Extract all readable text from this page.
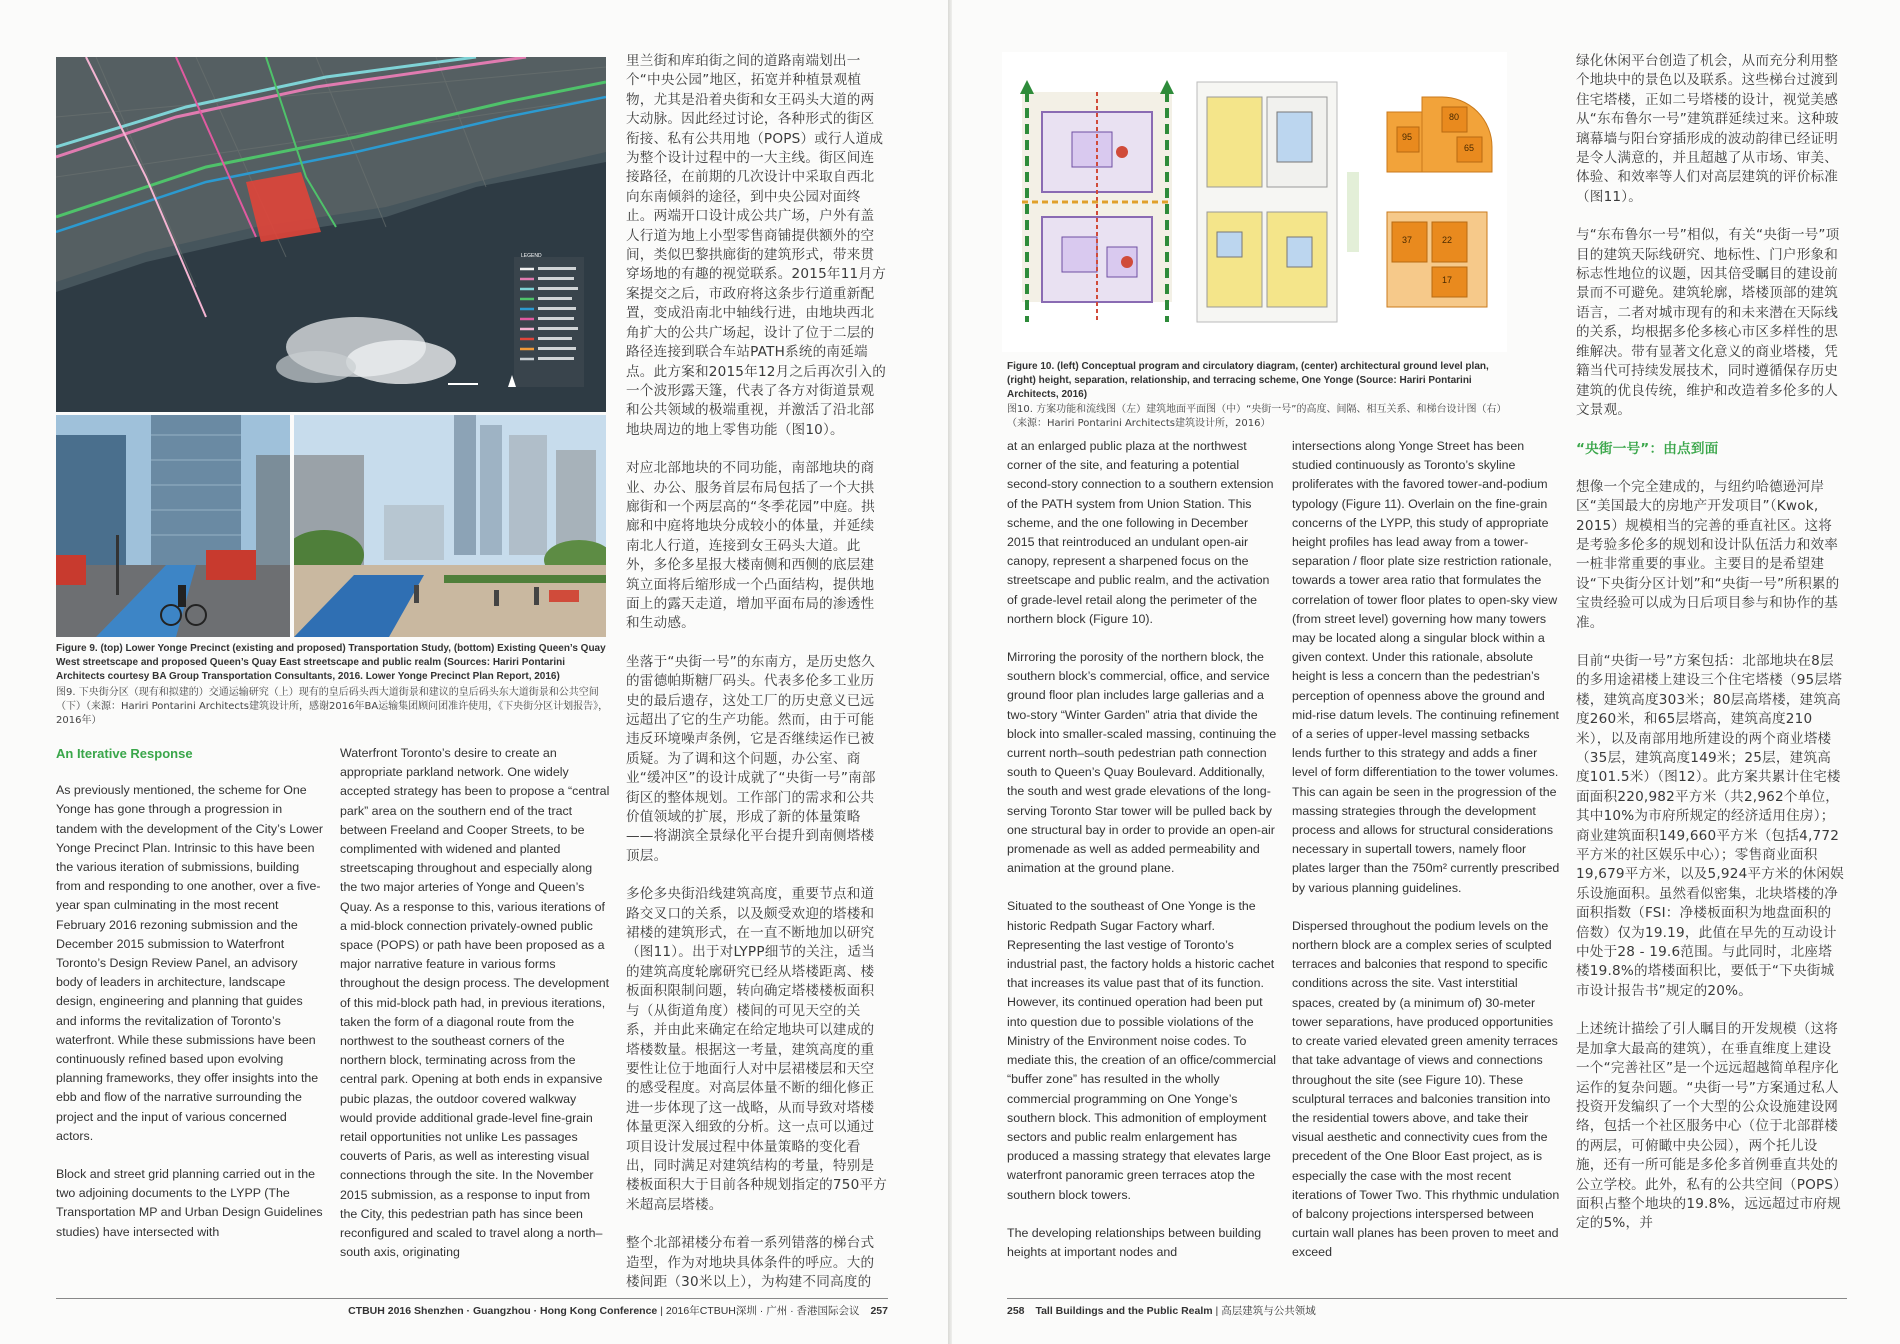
LEGEND
Figure 9. (top) Lower Yonge Precinct (existing and proposed) Transportation Study, (bottom) Existing Queen’s Quay West streetscape and proposed Queen’s Quay East streetscape and public realm (Sources: Hariri Pontarini Architects courtesy BA Group Transportation Consultants, 2016. Lower Yonge Precinct Plan Report, 2016)
图9. 下央街分区（现有和拟建的）交通运输研究（上）现有的皇后码头西大道街景和建议的皇后码头东大道街景和公共空间（下）（来源：Hariri Pontarini Architects建筑设计所，感谢2016年BA运输集团顾问团准许使用，《下央街分区计划报告》，2016年）
An Iterative Response

As previously mentioned, the scheme for One Yonge has gone through a progression in tandem with the development of the City’s Lower Yonge Precinct Plan. Intrinsic to this have been the various iteration of submissions, building from and responding to one another, over a five-year span culminating in the most recent February 2016 rezoning submission and the December 2015 submission to Waterfront Toronto’s Design Review Panel, an advisory body of leaders in architecture, landscape design, engineering and planning that guides and informs the revitalization of Toronto’s waterfront. While these submissions have been continuously refined based upon evolving planning frameworks, they offer insights into the ebb and flow of the narrative surrounding the project and the input of various concerned actors.

Block and street grid planning carried out in the two adjoining documents to the LYPP (The Transportation MP and Urban Design Guidelines studies) have intersected with

Waterfront Toronto’s desire to create an appropriate parkland network. One widely accepted strategy has been to propose a “central park” area on the southern end of the tract between Freeland and Cooper Streets, to be complimented with widened and planted streetscaping throughout and especially along the two major arteries of Yonge and Queen’s Quay. As a response to this, various iterations of a mid-block connection privately-owned public space (POPS) or path have been proposed as a major narrative feature in various forms throughout the design process. The development of this mid-block path had, in previous iterations, taken the form of a diagonal route from the northwest to the southeast corners of the northern block, terminating across from the central park. Opening at both ends in expansive pubic plazas, the outdoor covered walkway would provide additional grade-level fine-grain retail opportunities not unlike Les passages couverts of Paris, as well as interesting visual connections through the site. In the November 2015 submission, as a response to input from the City, this pedestrian path has since been reconfigured and scaled to travel along a north–south axis, originating

里兰街和库珀街之间的道路南端划出一个“中央公园”地区，拓宽并种植景观植物，尤其是沿着央街和女王码头大道的两大动脉。因此经过讨论，各种形式的街区衔接、私有公共用地（POPS）或行人道成为整个设计过程中的一大主线。街区间连接路径，在前期的几次设计中采取自西北向东南倾斜的途径，到中央公园对面终止。两端开口设计成公共广场，户外有盖人行道为地上小型零售商铺提供额外的空间，类似巴黎拱廊街的建筑形式，带来贯穿场地的有趣的视觉联系。2015年11月方案提交之后，市政府将这条步行道重新配置，变成沿南北中轴线行进，由地块西北角扩大的公共广场起，设计了位于二层的路径连接到联合车站PATH系统的南延端点。此方案和2015年12月之后再次引入的一个波形露天篷，代表了各方对街道景观和公共领域的极端重视，并激活了沿北部地块周边的地上零售功能（图10）。

对应北部地块的不同功能，南部地块的商业、办公、服务首层布局包括了一个大拱廊街和一个两层高的“冬季花园”中庭。拱廊和中庭将地块分成较小的体量，并延续南北人行道，连接到女王码头大道。此外，多伦多星报大楼南侧和西侧的底层建筑立面将后缩形成一个凸面结构，提供地面上的露天走道，增加平面布局的渗透性和生动感。

坐落于“央街一号”的东南方，是历史悠久的雷德帕斯糖厂码头。代表多伦多工业历史的最后遗存，这处工厂的历史意义已远远超出了它的生产功能。然而，由于可能违反环境噪声条例，它是否继续运作已被质疑。为了调和这个问题，办公室、商业“缓冲区”的设计成就了“央街一号”南部街区的整体规划。工作部门的需求和公共价值领域的扩展，形成了新的体量策略——将湖滨全景绿化平台提升到南侧塔楼顶层。

多伦多央街沿线建筑高度，重要节点和道路交叉口的关系，以及颇受欢迎的塔楼和裙楼的建筑形式，在一直不断地加以研究（图11）。出于对LYPP细节的关注，适当的建筑高度轮廓研究已经从塔楼距离、楼板面积限制问题，转向确定塔楼楼板面积与（从街道角度）楼间的可见天空的关系，并由此来确定在给定地块可以建成的塔楼数量。根据这一考量，建筑高度的重要性让位于地面行人对中层裙楼层和天空的感受程度。对高层体量不断的细化修正进一步体现了这一战略，从而导致对塔楼体量更深入细致的分析。这一点可以通过项目设计发展过程中体量策略的变化看出，同时满足对建筑结构的考量，特别是楼板面积大于目前各种规划指定的750平方米超高层塔楼。

整个北部裙楼分布着一系列错落的梯台式造型，作为对地块具体条件的呼应。大的楼间距（30米以上），为构建不同高度的

CTBUH 2016 Shenzhen · Guangzhou · Hong Kong Conference | 2016年CTBUH深圳 · 广州 · 香港国际会议 257
80
95
65
37	22
17
Figure 10. (left) Conceptual program and circulatory diagram, (center) architectural ground level plan, (right) height, separation, relationship, and terracing scheme, One Yonge (Source: Hariri Pontarini Architects, 2016)
图10. 方案功能和流线图（左）建筑地面平面图（中）“央街一号”的高度、间隔、相互关系、和梯台设计图（右）（来源：Hariri Pontarini Architects建筑设计所，2016）

at an enlarged public plaza at the northwest corner of the site, and featuring a potential second-story connection to a southern extension of the PATH system from Union Station. This scheme, and the one following in December 2015 that reintroduced an undulant open-air canopy, represent a sharpened focus on the streetscape and public realm, and the activation of grade-level retail along the perimeter of the northern block (Figure 10).

Mirroring the porosity of the northern block, the southern block’s commercial, office, and service ground floor plan includes large gallerias and a two-story “Winter Garden” atria that divide the block into smaller-scaled massing, continuing the current north–south pedestrian path connection south to Queen’s Quay Boulevard. Additionally, the south and west grade elevations of the long-serving Toronto Star tower will be pulled back by one structural bay in order to provide an open-air promenade as well as added permeability and animation at the ground plane.

Situated to the southeast of One Yonge is the historic Redpath Sugar Factory wharf. Representing the last vestige of Toronto’s industrial past, the factory holds a historic cachet that increases its value past that of its function. However, its continued operation had been put into question due to possible violations of the Ministry of the Environment noise codes. To mediate this, the creation of an office/commercial “buffer zone” has resulted in the wholly commercial programming on One Yonge’s southern block. This admonition of employment sectors and public realm enlargement has produced a massing strategy that elevates large waterfront panoramic green terraces atop the southern block towers.

The developing relationships between building heights at important nodes and

intersections along Yonge Street has been studied continuously as Toronto’s skyline proliferates with the favored tower-and-podium typology (Figure 11). Overlain on the fine-grain concerns of the LYPP, this study of appropriate height profiles has lead away from a tower-separation / floor plate size restriction rationale, towards a tower area ratio that formulates the correlation of tower floor plates to open-sky view (from street level) governing how many towers may be located along a singular block within a given context. Under this rationale, absolute height is less a concern than the pedestrian’s perception of openness above the ground and mid-rise datum levels. The continuing refinement of a series of upper-level massing setbacks lends further to this strategy and adds a finer level of form differentiation to the tower volumes. This can again be seen in the progression of the massing strategies through the development process and allows for structural considerations necessary in supertall towers, namely floor plates larger than the 750m² currently prescribed by various planning guidelines.

Dispersed throughout the podium levels on the northern block are a complex series of sculpted terraces and balconies that respond to specific conditions across the site. Vast interstitial spaces, created by (a minimum of) 30-meter tower separations, have produced opportunities to create varied elevated green amenity terraces that take advantage of views and connections throughout the site (see Figure 10). These sculptural terraces and balconies transition into the residential towers above, and take their visual aesthetic and connectivity cues from the precedent of the One Bloor East project, as is especially the case with the most recent iterations of Tower Two. This rhythmic undulation of balcony projections interspersed between curtain wall planes has been proven to meet and exceed

绿化休闲平台创造了机会，从而充分利用整个地块中的景色以及联系。这些梯台过渡到住宅塔楼，正如二号塔楼的设计，视觉美感从“东布鲁尔一号”建筑群延续过来。这种玻璃幕墙与阳台穿插形成的波动韵律已经证明是令人满意的，并且超越了从市场、审美、体验、和效率等人们对高层建筑的评价标准（图11）。

与“东布鲁尔一号”相似，有关“央街一号”项目的建筑天际线研究、地标性、门户形象和标志性地位的议题，因其倍受瞩目的建设前景而不可避免。建筑轮廓，塔楼顶部的建筑语言，二者对城市现有的和未来潜在天际线的关系，均根据多伦多核心市区多样性的思维解决。带有显著文化意义的商业塔楼，凭籍当代可持续发展技术，同时遵循保存历史建筑的优良传统，维护和改造着多伦多的人文景观。

“央街一号”：由点到面

想像一个完全建成的，与纽约哈德逊河岸区“美国最大的房地产开发项目”（Kwok, 2015）规模相当的完善的垂直社区。这将是考验多伦多的规划和设计队伍活力和效率一桩非常重要的事业。主要目的是希望建设“下央街分区计划”和“央街一号”所积累的宝贵经验可以成为日后项目参与和协作的基准。

目前“央街一号”方案包括：北部地块在8层的多用途裙楼上建设三个住宅塔楼（95层塔楼，建筑高度303米；80层高塔楼，建筑高度260米，和65层塔高，建筑高度210米），以及南部用地所建设的两个商业塔楼（35层，建筑高度149米；25层，建筑高度101.5米）（图12）。此方案共累计住宅楼面面积220,982平方米（共2,962个单位，其中10%为市府所规定的经济适用住房）；商业建筑面积149,660平方米（包括4,772平方米的社区娱乐中心）；零售商业面积19,679平方米，以及5,924平方米的休闲娱乐设施面积。虽然看似密集，北块塔楼的净面积指数（FSI：净楼板面积为地盘面积的倍数）仅为19.19，此值在早先的互动设计中处于28 - 19.6范围。与此同时，北座塔楼19.8%的塔楼面积比，要低于“下央街城市设计报告书”规定的20%。

上述统计描绘了引人瞩目的开发规模（这将是加拿大最高的建筑），在垂直维度上建设一个“完善社区”是一个远远超越简单程序化运作的复杂问题。“央街一号”方案通过私人投资开发编织了一个大型的公众设施建设网络，包括一个社区服务中心（位于北部群楼的两层，可俯瞰中央公园），两个托儿设施，还有一所可能是多伦多首例垂直共处的公立学校。此外，私有的公共空间（POPS）面积占整个地块的19.8%，远远超过市府规定的5%，并

258 Tall Buildings and the Public Realm | 高层建筑与公共领域
